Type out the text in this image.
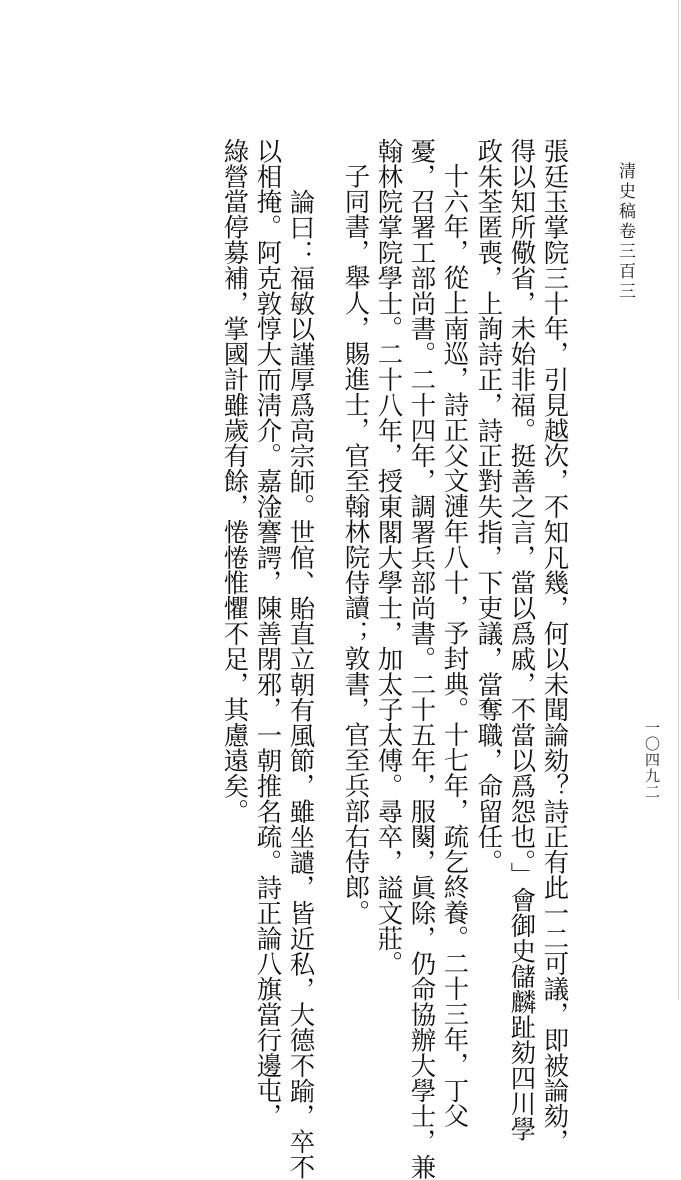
清史稿卷三百三
一〇四九二
張廷玉掌院三十年，引見越次，不知凡幾，何以未聞論劾？詩正有此一二可議，即被論劾，
得以知所儆省，未始非福。挺善之言，當以爲戚，不當以爲怨也。」會御史儲麟趾劾四川學
政朱荃匿喪，上詢詩正，詩正對失指，下吏議，當奪職，命留任。
十六年，從上南巡，詩正父文漣年八十，予封典。十七年，疏乞終養。二十三年，丁父
憂，召署工部尚書。二十四年，調署兵部尚書。二十五年，服闋，眞除，仍命協辦大學士，兼
翰林院掌院學士。二十八年，授東閣大學士，加太子太傅。尋卒，謚文莊。
子同書，舉人，賜進士，官至翰林院侍讀；敦書，官至兵部右侍郎。
論曰：福敏以謹厚爲高宗師。世倌、貽直立朝有風節，雖坐譴，皆近私，大德不踰，卒不
以相掩。阿克敦惇大而淸介。嘉淦謇諤，陳善閉邪，一朝推名疏。詩正論八旗當行邊屯，
綠營當停募補，掌國計雖歲有餘，惓惓惟懼不足，其慮遠矣。
